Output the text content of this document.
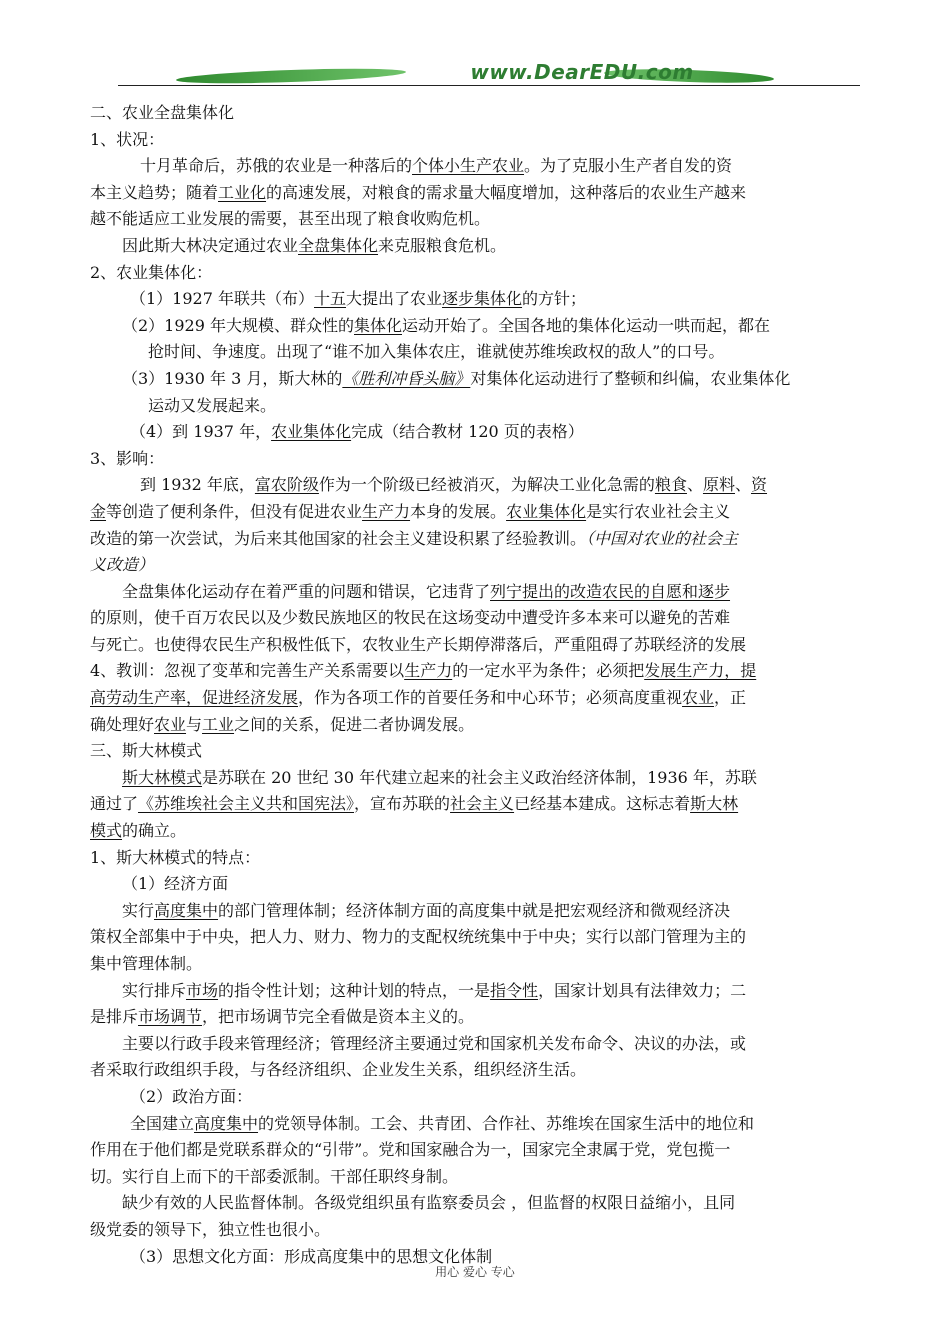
www.DearEDU.com
二、农业全盘集体化
1、状况：
十月革命后，苏俄的农业是一种落后的个体小生产农业。为了克服小生产者自发的资
本主义趋势；随着工业化的高速发展，对粮食的需求量大幅度增加，这种落后的农业生产越来
越不能适应工业发展的需要，甚至出现了粮食收购危机。
因此斯大林决定通过农业全盘集体化来克服粮食危机。
2、农业集体化：
（1）1927 年联共（布）十五大提出了农业逐步集体化的方针；
（2）1929 年大规模、群众性的集体化运动开始了。全国各地的集体化运动一哄而起，都在
抢时间、争速度。出现了“谁不加入集体农庄，谁就使苏维埃政权的敌人”的口号。
（3）1930 年 3 月，斯大林的《胜利冲昏头脑》对集体化运动进行了整顿和纠偏，农业集体化
运动又发展起来。
（4）到 1937 年，农业集体化完成（结合教材 120 页的表格）
3、影响：
到 1932 年底，富农阶级作为一个阶级已经被消灭，为解决工业化急需的粮食、原料、资
金等创造了便利条件，但没有促进农业生产力本身的发展。农业集体化是实行农业社会主义
改造的第一次尝试，为后来其他国家的社会主义建设积累了经验教训。（中国对农业的社会主
义改造）
全盘集体化运动存在着严重的问题和错误，它违背了列宁提出的改造农民的自愿和逐步
的原则，使千百万农民以及少数民族地区的牧民在这场变动中遭受许多本来可以避免的苦难
与死亡。也使得农民生产积极性低下，农牧业生产长期停滞落后，严重阻碍了苏联经济的发展
4、教训：忽视了变革和完善生产关系需要以生产力的一定水平为条件；必须把发展生产力，提
高劳动生产率，促进经济发展，作为各项工作的首要任务和中心环节；必须高度重视农业，正
确处理好农业与工业之间的关系，促进二者协调发展。
三、斯大林模式
斯大林模式是苏联在 20 世纪 30 年代建立起来的社会主义政治经济体制，1936 年，苏联
通过了《苏维埃社会主义共和国宪法》，宣布苏联的社会主义已经基本建成。这标志着斯大林
模式的确立。
1、斯大林模式的特点：
（1）经济方面
实行高度集中的部门管理体制；经济体制方面的高度集中就是把宏观经济和微观经济决
策权全部集中于中央，把人力、财力、物力的支配权统统集中于中央；实行以部门管理为主的
集中管理体制。
实行排斥市场的指令性计划；这种计划的特点，一是指令性，国家计划具有法律效力；二
是排斥市场调节，把市场调节完全看做是资本主义的。
主要以行政手段来管理经济；管理经济主要通过党和国家机关发布命令、决议的办法，或
者采取行政组织手段，与各经济组织、企业发生关系，组织经济生活。
（2）政治方面：
全国建立高度集中的党领导体制。工会、共青团、合作社、苏维埃在国家生活中的地位和
作用在于他们都是党联系群众的“引带”。党和国家融合为一，国家完全隶属于党，党包揽一
切。实行自上而下的干部委派制。干部任职终身制。
缺少有效的人民监督体制。各级党组织虽有监察委员会 ，但监督的权限日益缩小，且同
级党委的领导下，独立性也很小。
（3）思想文化方面：形成高度集中的思想文化体制
用心 爱心 专心
